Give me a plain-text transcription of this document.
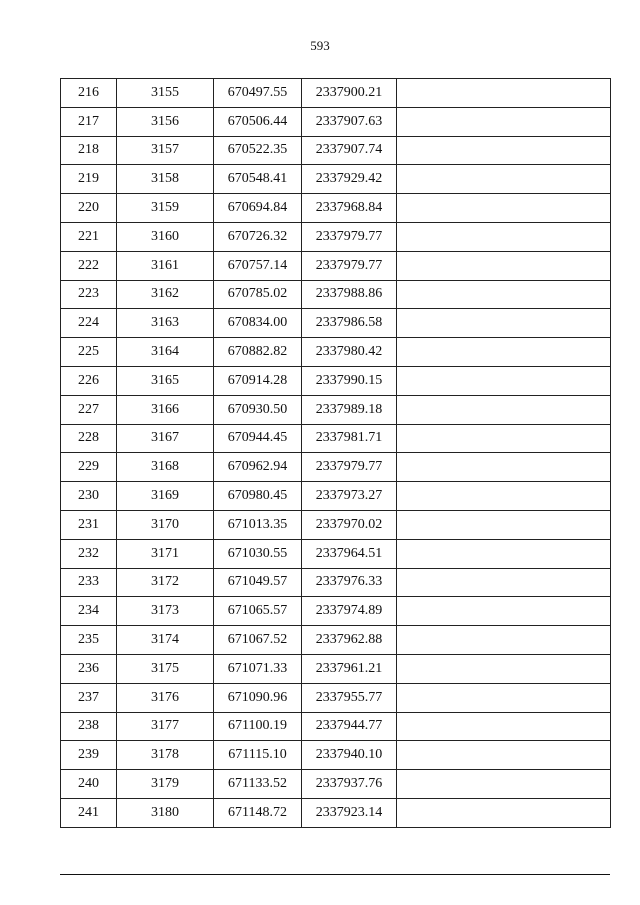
593
216	3155	670497.55	2337900.21	
217	3156	670506.44	2337907.63	
218	3157	670522.35	2337907.74	
219	3158	670548.41	2337929.42	
220	3159	670694.84	2337968.84	
221	3160	670726.32	2337979.77	
222	3161	670757.14	2337979.77	
223	3162	670785.02	2337988.86	
224	3163	670834.00	2337986.58	
225	3164	670882.82	2337980.42	
226	3165	670914.28	2337990.15	
227	3166	670930.50	2337989.18	
228	3167	670944.45	2337981.71	
229	3168	670962.94	2337979.77	
230	3169	670980.45	2337973.27	
231	3170	671013.35	2337970.02	
232	3171	671030.55	2337964.51	
233	3172	671049.57	2337976.33	
234	3173	671065.57	2337974.89	
235	3174	671067.52	2337962.88	
236	3175	671071.33	2337961.21	
237	3176	671090.96	2337955.77	
238	3177	671100.19	2337944.77	
239	3178	671115.10	2337940.10	
240	3179	671133.52	2337937.76	
241	3180	671148.72	2337923.14	
